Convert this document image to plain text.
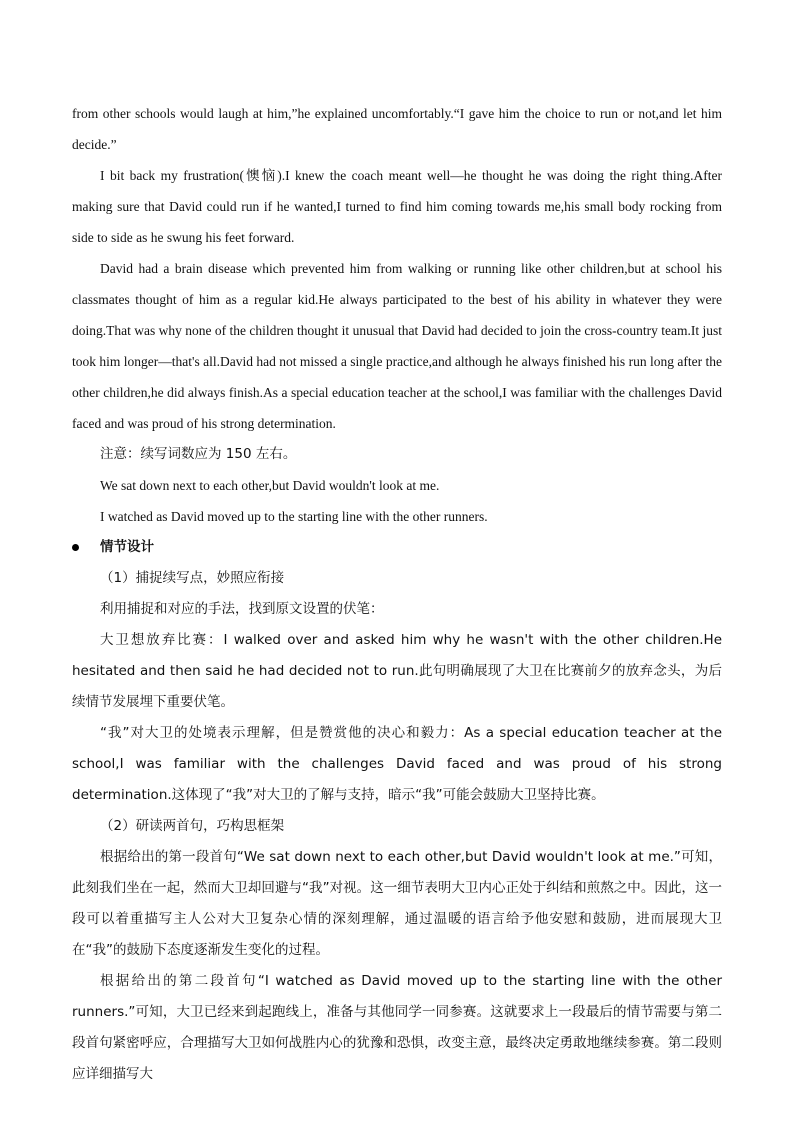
from other schools would laugh at him,”he explained uncomfortably.“I gave him the choice to run or not,and let him decide.”

I bit back my frustration(懊恼).I knew the coach meant well—he thought he was doing the right thing.After making sure that David could run if he wanted,I turned to find him coming towards me,his small body rocking from side to side as he swung his feet forward.

David had a brain disease which prevented him from walking or running like other children,but at school his classmates thought of him as a regular kid.He always participated to the best of his ability in whatever they were doing.That was why none of the children thought it unusual that David had decided to join the cross-country team.It just took him longer—that's all.David had not missed a single practice,and although he always finished his run long after the other children,he did always finish.As a special education teacher at the school,I was familiar with the challenges David faced and was proud of his strong determination.

注意：续写词数应为 150 左右。

We sat down next to each other,but David wouldn't look at me.

I watched as David moved up to the starting line with the other runners.

情节设计

（1）捕捉续写点，妙照应衔接

利用捕捉和对应的手法，找到原文设置的伏笔：

大卫想放弃比赛：I walked over and asked him why he wasn't with the other children.He hesitated and then said he had decided not to run.此句明确展现了大卫在比赛前夕的放弃念头，为后续情节发展埋下重要伏笔。

“我”对大卫的处境表示理解，但是赞赏他的决心和毅力：As a special education teacher at the school,I was familiar with the challenges David faced and was proud of his strong determination.这体现了“我”对大卫的了解与支持，暗示“我”可能会鼓励大卫坚持比赛。

（2）研读两首句，巧构思框架

根据给出的第一段首句“We sat down next to each other,but David wouldn't look at me.”可知，此刻我们坐在一起，然而大卫却回避与“我”对视。这一细节表明大卫内心正处于纠结和煎熬之中。因此，这一段可以着重描写主人公对大卫复杂心情的深刻理解，通过温暖的语言给予他安慰和鼓励，进而展现大卫在“我”的鼓励下态度逐渐发生变化的过程。

根据给出的第二段首句“I watched as David moved up to the starting line with the other runners.”可知，大卫已经来到起跑线上，准备与其他同学一同参赛。这就要求上一段最后的情节需要与第二段首句紧密呼应，合理描写大卫如何战胜内心的犹豫和恐惧，改变主意，最终决定勇敢地继续参赛。第二段则应详细描写大
